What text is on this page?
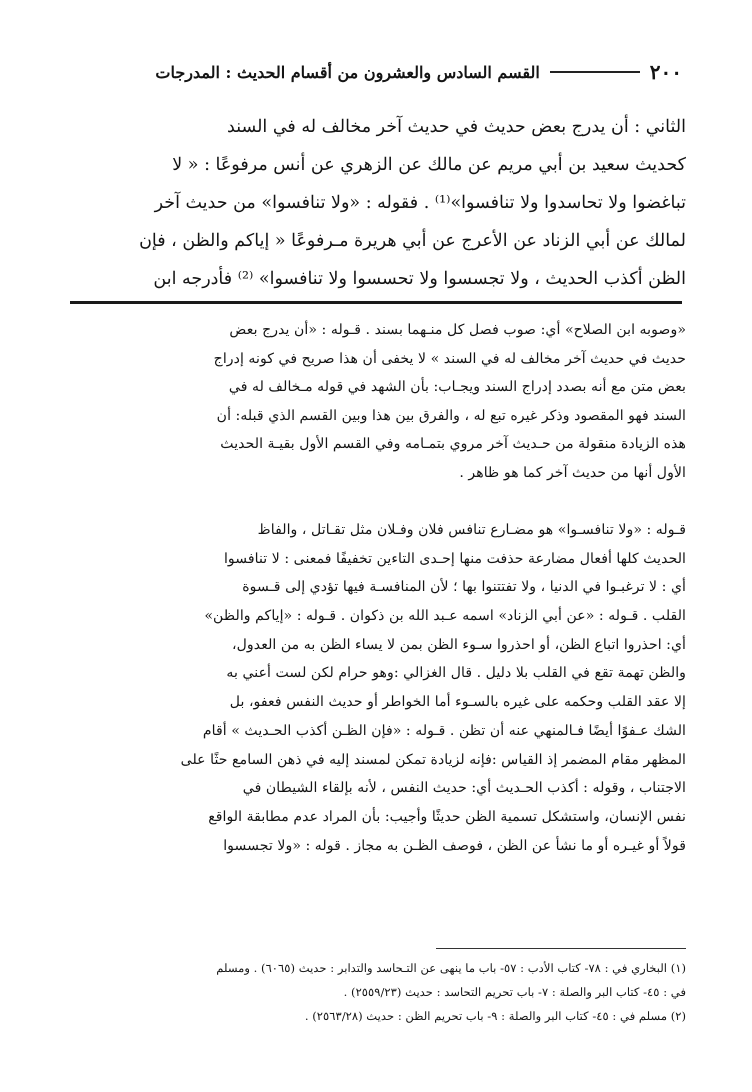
٢٠٠
القسم السادس والعشرون من أقسام الحديث : المدرجات
الثاني : أن يدرج بعض حديث في حديث آخر مخالف له في السند
كحديث سعيد بن أبي مريم عن مالك عن الزهري عن أنس مرفوعًا : « لا
تباغضوا ولا تحاسدوا ولا تنافسوا»⁽¹⁾ . فقوله : «ولا تنافسوا» من حديث آخر
لمالك عن أبي الزناد عن الأعرج عن أبي هريرة مـرفوعًا « إياكم والظن ، فإن
الظن أكذب الحديث ، ولا تجسسوا ولا تحسسوا ولا تنافسوا» ⁽²⁾ فأدرجه ابن
«وصوبه ابن الصلاح» أي: صوب فصل كل منـهما بسند . قـوله : «أن يدرج بعض
حديث في حديث آخر مخالف له في السند » لا يخفى أن هذا صريح في كونه إدراج
بعض متن مع أنه بصدد إدراج السند ويجـاب: بأن الشهد في قوله مـخالف له في
السند فهو المقصود وذكر غيره تبع له ، والفرق بين هذا وبين القسم الذي قبله: أن
هذه الزيادة منقولة من حـديث آخر مروي بتمـامه وفي القسم الأول بقيـة الحديث
الأول أنها من حديث آخر كما هو ظاهر .
قـوله : «ولا تنافسـوا» هو مضـارع تنافس فلان وفـلان مثل تقـاتل ، والفاظ
الحديث كلها أفعال مضارعة حذفت منها إحـدى التاءين تخفيفًا فمعنى : لا تنافسوا
أي : لا ترغبـوا في الدنيا ، ولا تفتتنوا بها ؛ لأن المنافسـة فيها تؤدي إلى قـسوة
القلب . قـوله : «عن أبي الزناد» اسمه عـبد الله بن ذكوان . قـوله : «إياكم والظن»
أي: احذروا اتباع الظن، أو احذروا سـوء الظن بمن لا يساء الظن به من العدول،
والظن تهمة تقع في القلب بلا دليل . قال الغزالي :وهو حرام لكن لست أعني به
إلا عقد القلب وحكمه على غيره بالسـوء أما الخواطر أو حديث النفس فعفو، بل
الشك عـفوًا أيضًا فـالمنهي عنه أن تظن . قـوله : «فإن الظـن أكذب الحـديث » أقام
المظهر مقام المضمر إذ القياس :فإنه لزيادة تمكن لمسند إليه في ذهن السامع حثًا على
الاجتناب ، وقوله : أكذب الحـديث أي: حديث النفس ، لأنه بإلقاء الشيطان في
نفس الإنسان، واستشكل تسمية الظن حديثًا وأجيب: بأن المراد عدم مطابقة الواقع
قولاً أو غيـره أو ما نشأ عن الظن ، فوصف الظـن به مجاز . قوله : «ولا تجسسوا
(١) البخاري في : ٧٨- كتاب الأدب : ٥٧- باب ما ينهى عن التـحاسد والتدابر : حديث (٦٠٦٥) . ومسلم
في : ٤٥- كتاب البر والصلة : ٧- باب تحريم التحاسد : حديث (٢٥٥٩/٢٣) .
(٢) مسلم في : ٤٥- كتاب البر والصلة : ٩- باب تحريم الظن : حديث (٢٥٦٣/٢٨) .
